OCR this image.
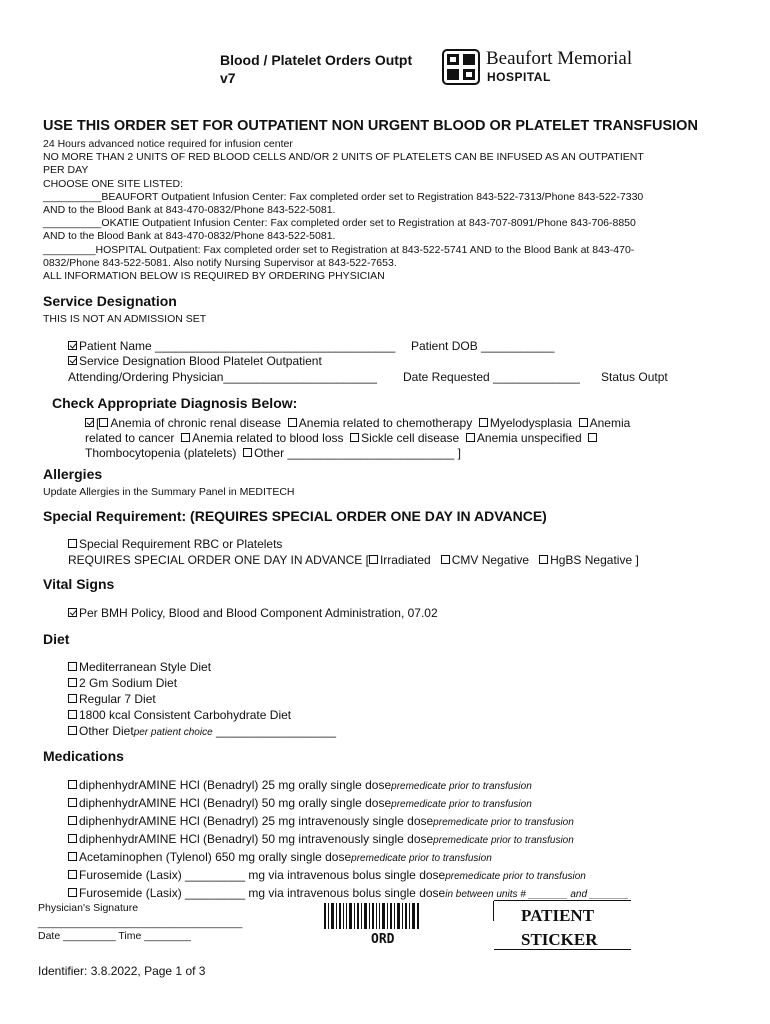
Blood / Platelet Orders Outpt
v7
Beaufort Memorial
HOSPITAL
USE THIS ORDER SET FOR OUTPATIENT NON URGENT BLOOD OR PLATELET TRANSFUSION
24 Hours advanced notice required for infusion center
NO MORE THAN 2 UNITS OF RED BLOOD CELLS AND/OR 2 UNITS OF PLATELETS CAN BE INFUSED AS AN OUTPATIENT
PER DAY
CHOOSE ONE SITE LISTED:
__________BEAUFORT Outpatient Infusion Center: Fax completed order set to Registration 843-522-7313/Phone 843-522-7330
AND to the Blood Bank at 843-470-0832/Phone 843-522-5081.
__________OKATIE Outpatient Infusion Center: Fax completed order set to Registration at 843-707-8091/Phone 843-706-8850
AND to the Blood Bank at 843-470-0832/Phone 843-522-5081.
_________HOSPITAL Outpatient: Fax completed order set to Registration at 843-522-5741 AND to the Blood Bank at 843-470-
0832/Phone 843-522-5081. Also notify Nursing Supervisor at 843-522-7653.
ALL INFORMATION BELOW IS REQUIRED BY ORDERING PHYSICIAN
Service Designation
THIS IS NOT AN ADMISSION SET
Patient Name ____________________________________ Patient DOB ___________
Service Designation Blood Platelet Outpatient
Attending/Ordering Physician_______________________ Date Requested _____________ Status Outpt
Check Appropriate Diagnosis Below:
[ Anemia of chronic renal disease Anemia related to chemotherapy Myelodysplasia Anemia
related to cancer Anemia related to blood loss Sickle cell disease Anemia unspecified
Thombocytopenia (platelets) Other _________________________ ]
Allergies
Update Allergies in the Summary Panel in MEDITECH
Special Requirement: (REQUIRES SPECIAL ORDER ONE DAY IN ADVANCE)
Special Requirement RBC or Platelets
REQUIRES SPECIAL ORDER ONE DAY IN ADVANCE [ Irradiated CMV Negative HgBS Negative ]
Vital Signs
Per BMH Policy, Blood and Blood Component Administration, 07.02
Diet
Mediterranean Style Diet
2 Gm Sodium Diet
Regular 7 Diet
1800 kcal Consistent Carbohydrate Diet
Other Dietper patient choice __________________
Medications
diphenhydrAMINE HCl (Benadryl) 25 mg orally single dosepremedicate prior to transfusion
diphenhydrAMINE HCl (Benadryl) 50 mg orally single dosepremedicate prior to transfusion
diphenhydrAMINE HCl (Benadryl) 25 mg intravenously single dosepremedicate prior to transfusion
diphenhydrAMINE HCl (Benadryl) 50 mg intravenously single dosepremedicate prior to transfusion
Acetaminophen (Tylenol) 650 mg orally single dosepremedicate prior to transfusion
Furosemide (Lasix) _________ mg via intravenous bolus single dosepremedicate prior to transfusion
Furosemide (Lasix) _________ mg via intravenous bolus single dosein between units # _______ and _______
Physician's Signature
___________________________________
Date _________ Time ________	ORD
PATIENT
STICKER
Identifier: 3.8.2022, Page 1 of 3
